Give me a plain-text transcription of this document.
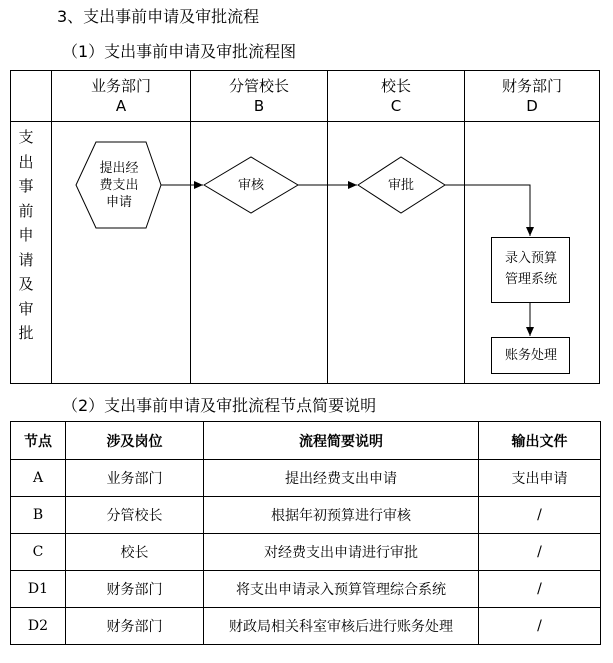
3、支出事前申请及审批流程
（1）支出事前申请及审批流程图
业务部门
A
分管校长
B
校长
C
财务部门
D
支
出
事
前
申
请
及
审
批
提出经
费支出
申请
审核	审批
录入预算
管理系统
账务处理
（2）支出事前申请及审批流程节点简要说明
节点	涉及岗位	流程简要说明	输出文件
A	业务部门	提出经费支出申请	支出申请
B	分管校长	根据年初预算进行审核	/
C	校长	对经费支出申请进行审批	/
D1	财务部门	将支出申请录入预算管理综合系统	/
D2	财务部门	财政局相关科室审核后进行账务处理	/
